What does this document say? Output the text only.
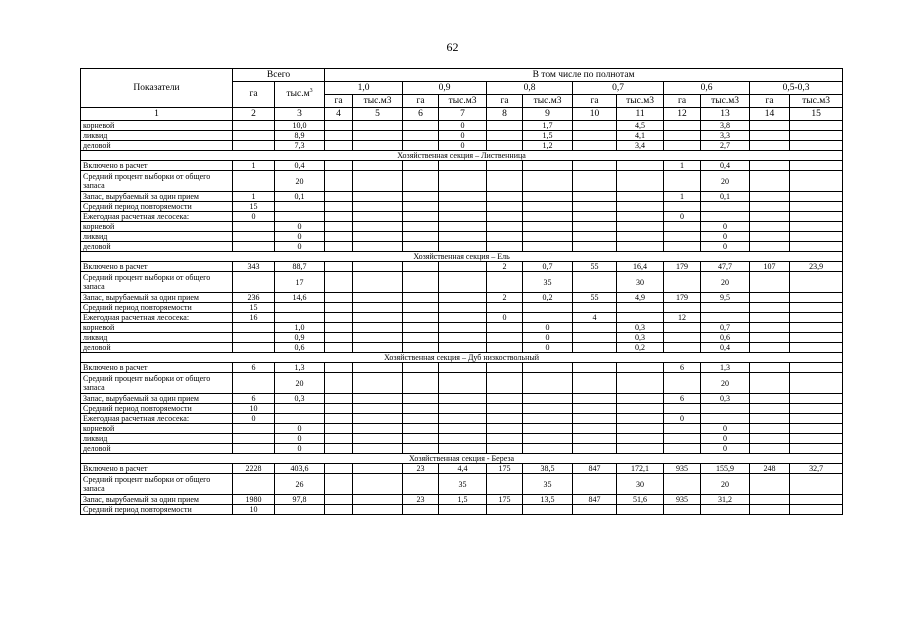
62
Показатели	Всего		В том числе по полнотам											
	га	$тыс.м^3$	1,0		0,9		0,8		0,7		0,6		0,5-0,3	
			га	тыс.м3	га	тыс.м3	га	тыс.м3	га	тыс.м3	га	тыс.м3	га	тыс.м3
1	2	3	4	5	6	7	8	9	10	11	12	13	14	15
корневой		10,0				0		1,7		4,5		3,8		
ликвид		8,9				0		1,5		4,1		3,3		
деловой		7,3				0		1,2		3,4		2,7		
Хозяйственная секция – Лиственница														
Включено в расчет	1	0,4									1	0,4		
Средний процент выборки от общего запаса		20										20		
Запас, вырубаемый за один прием	1	0,1									1	0,1		
Средний период повторяемости	15													
Ежегодная расчетная лесосека:	0										0			
корневой		0										0		
ликвид		0										0		
деловой		0										0		
Хозяйственная секция – Ель														
Включено в расчет	343	88,7					2	0,7	55	16,4	179	47,7	107	23,9
Средний процент выборки от общего запаса		17						35		30		20		
Запас, вырубаемый за один прием	236	14,6					2	0,2	55	4,9	179	9,5		
Средний период повторяемости	15													
Ежегодная расчетная лесосека:	16						0		4		12			
корневой		1,0						0		0,3		0,7		
ликвид		0,9						0		0,3		0,6		
деловой		0,6						0		0,2		0,4		
Хозяйственная секция – Дуб низкоствольный														
Включено в расчет	6	1,3									6	1,3		
Средний процент выборки от общего запаса		20										20		
Запас, вырубаемый за один прием	6	0,3									6	0,3		
Средний период повторяемости	10													
Ежегодная расчетная лесосека:	0										0			
корневой		0										0		
ликвид		0										0		
деловой		0										0		
Хозяйственная секция - Береза														
Включено в расчет	2228	403,6			23	4,4	175	38,5	847	172,1	935	155,9	248	32,7
Средний процент выборки от общего запаса		26				35		35		30		20		
Запас, вырубаемый за один прием	1980	97,8			23	1,5	175	13,5	847	51,6	935	31,2		
Средний период повторяемости	10													
